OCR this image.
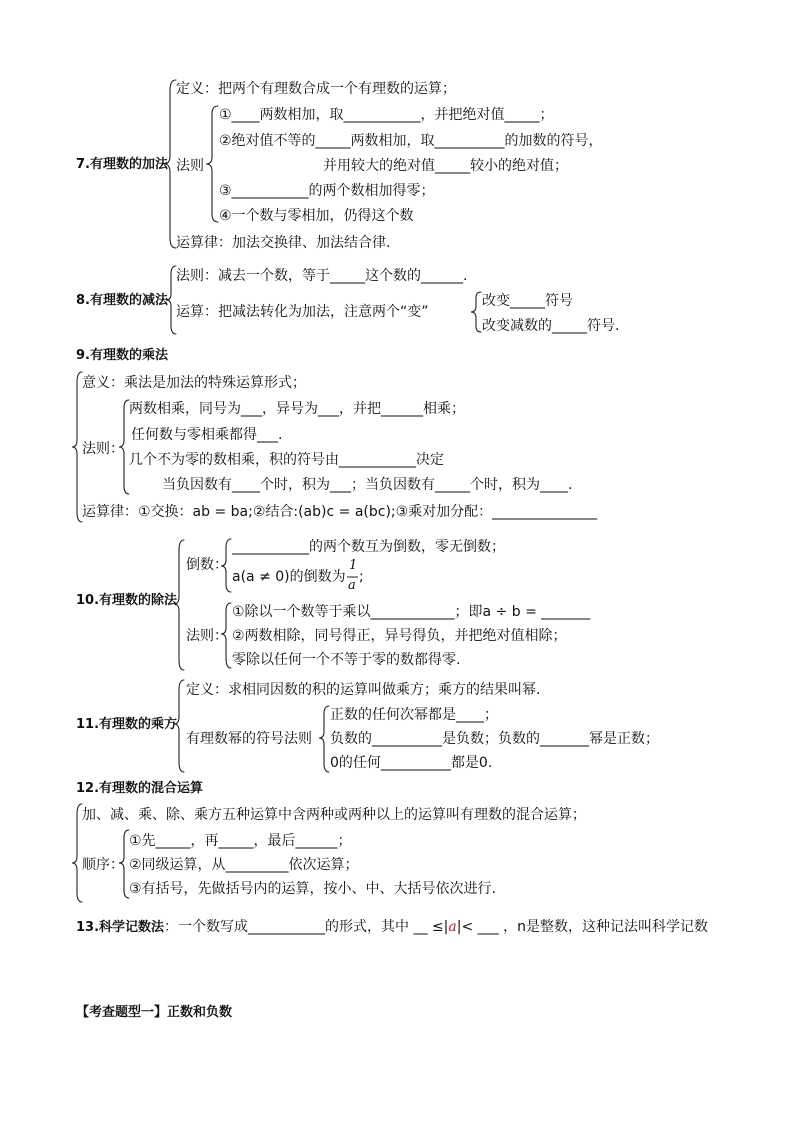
7.有理数的加法
定义：把两个有理数合成一个有理数的运算；
法则
①____两数相加，取___________，并把绝对值_____；
②绝对值不等的_____两数相加，取__________的加数的符号，
并用较大的绝对值_____较小的绝对值；
③___________的两个数相加得零；
④一个数与零相加，仍得这个数
运算律：加法交换律、加法结合律.
8.有理数的减法
法则：减去一个数，等于_____这个数的______.
运算：把减法转化为加法，注意两个“变”
改变_____符号
改变减数的_____符号.
9.有理数的乘法
意义：乘法是加法的特殊运算形式；
法则：
两数相乘，同号为___，异号为___，并把______相乘；
任何数与零相乘都得___.
几个不为零的数相乘，积的符号由___________决定
当负因数有____个时，积为___；当负因数有_____个时，积为____.
运算律：①交换：ab = ba;②结合:(ab)c = a(bc);③乘对加分配：_______________
10.有理数的除法
倒数：
___________的两个数互为倒数，零无倒数；
a(a ≠ 0)的倒数为
1
a
;
法则：
①除以一个数等于乘以____________；即a ÷ b = _______
②两数相除，同号得正，异号得负，并把绝对值相除；
零除以任何一个不等于零的数都得零.
11.有理数的乘方
定义：求相同因数的积的运算叫做乘方；乘方的结果叫幂.
有理数幂的符号法则
正数的任何次幂都是____；
负数的__________是负数；负数的_______幂是正数；
0的任何__________都是0.
12.有理数的混合运算
加、减、乘、除、乘方五种运算中含两种或两种以上的运算叫有理数的混合运算；
顺序：
①先_____，再_____，最后______；
②同级运算，从_________依次运算；
③有括号，先做括号内的运算，按小、中、大括号依次进行.
13.科学记数法：一个数写成___________的形式，其中 __ ≤|a|< ___ ，n是整数，这种记法叫科学记数
【考查题型一】正数和负数
